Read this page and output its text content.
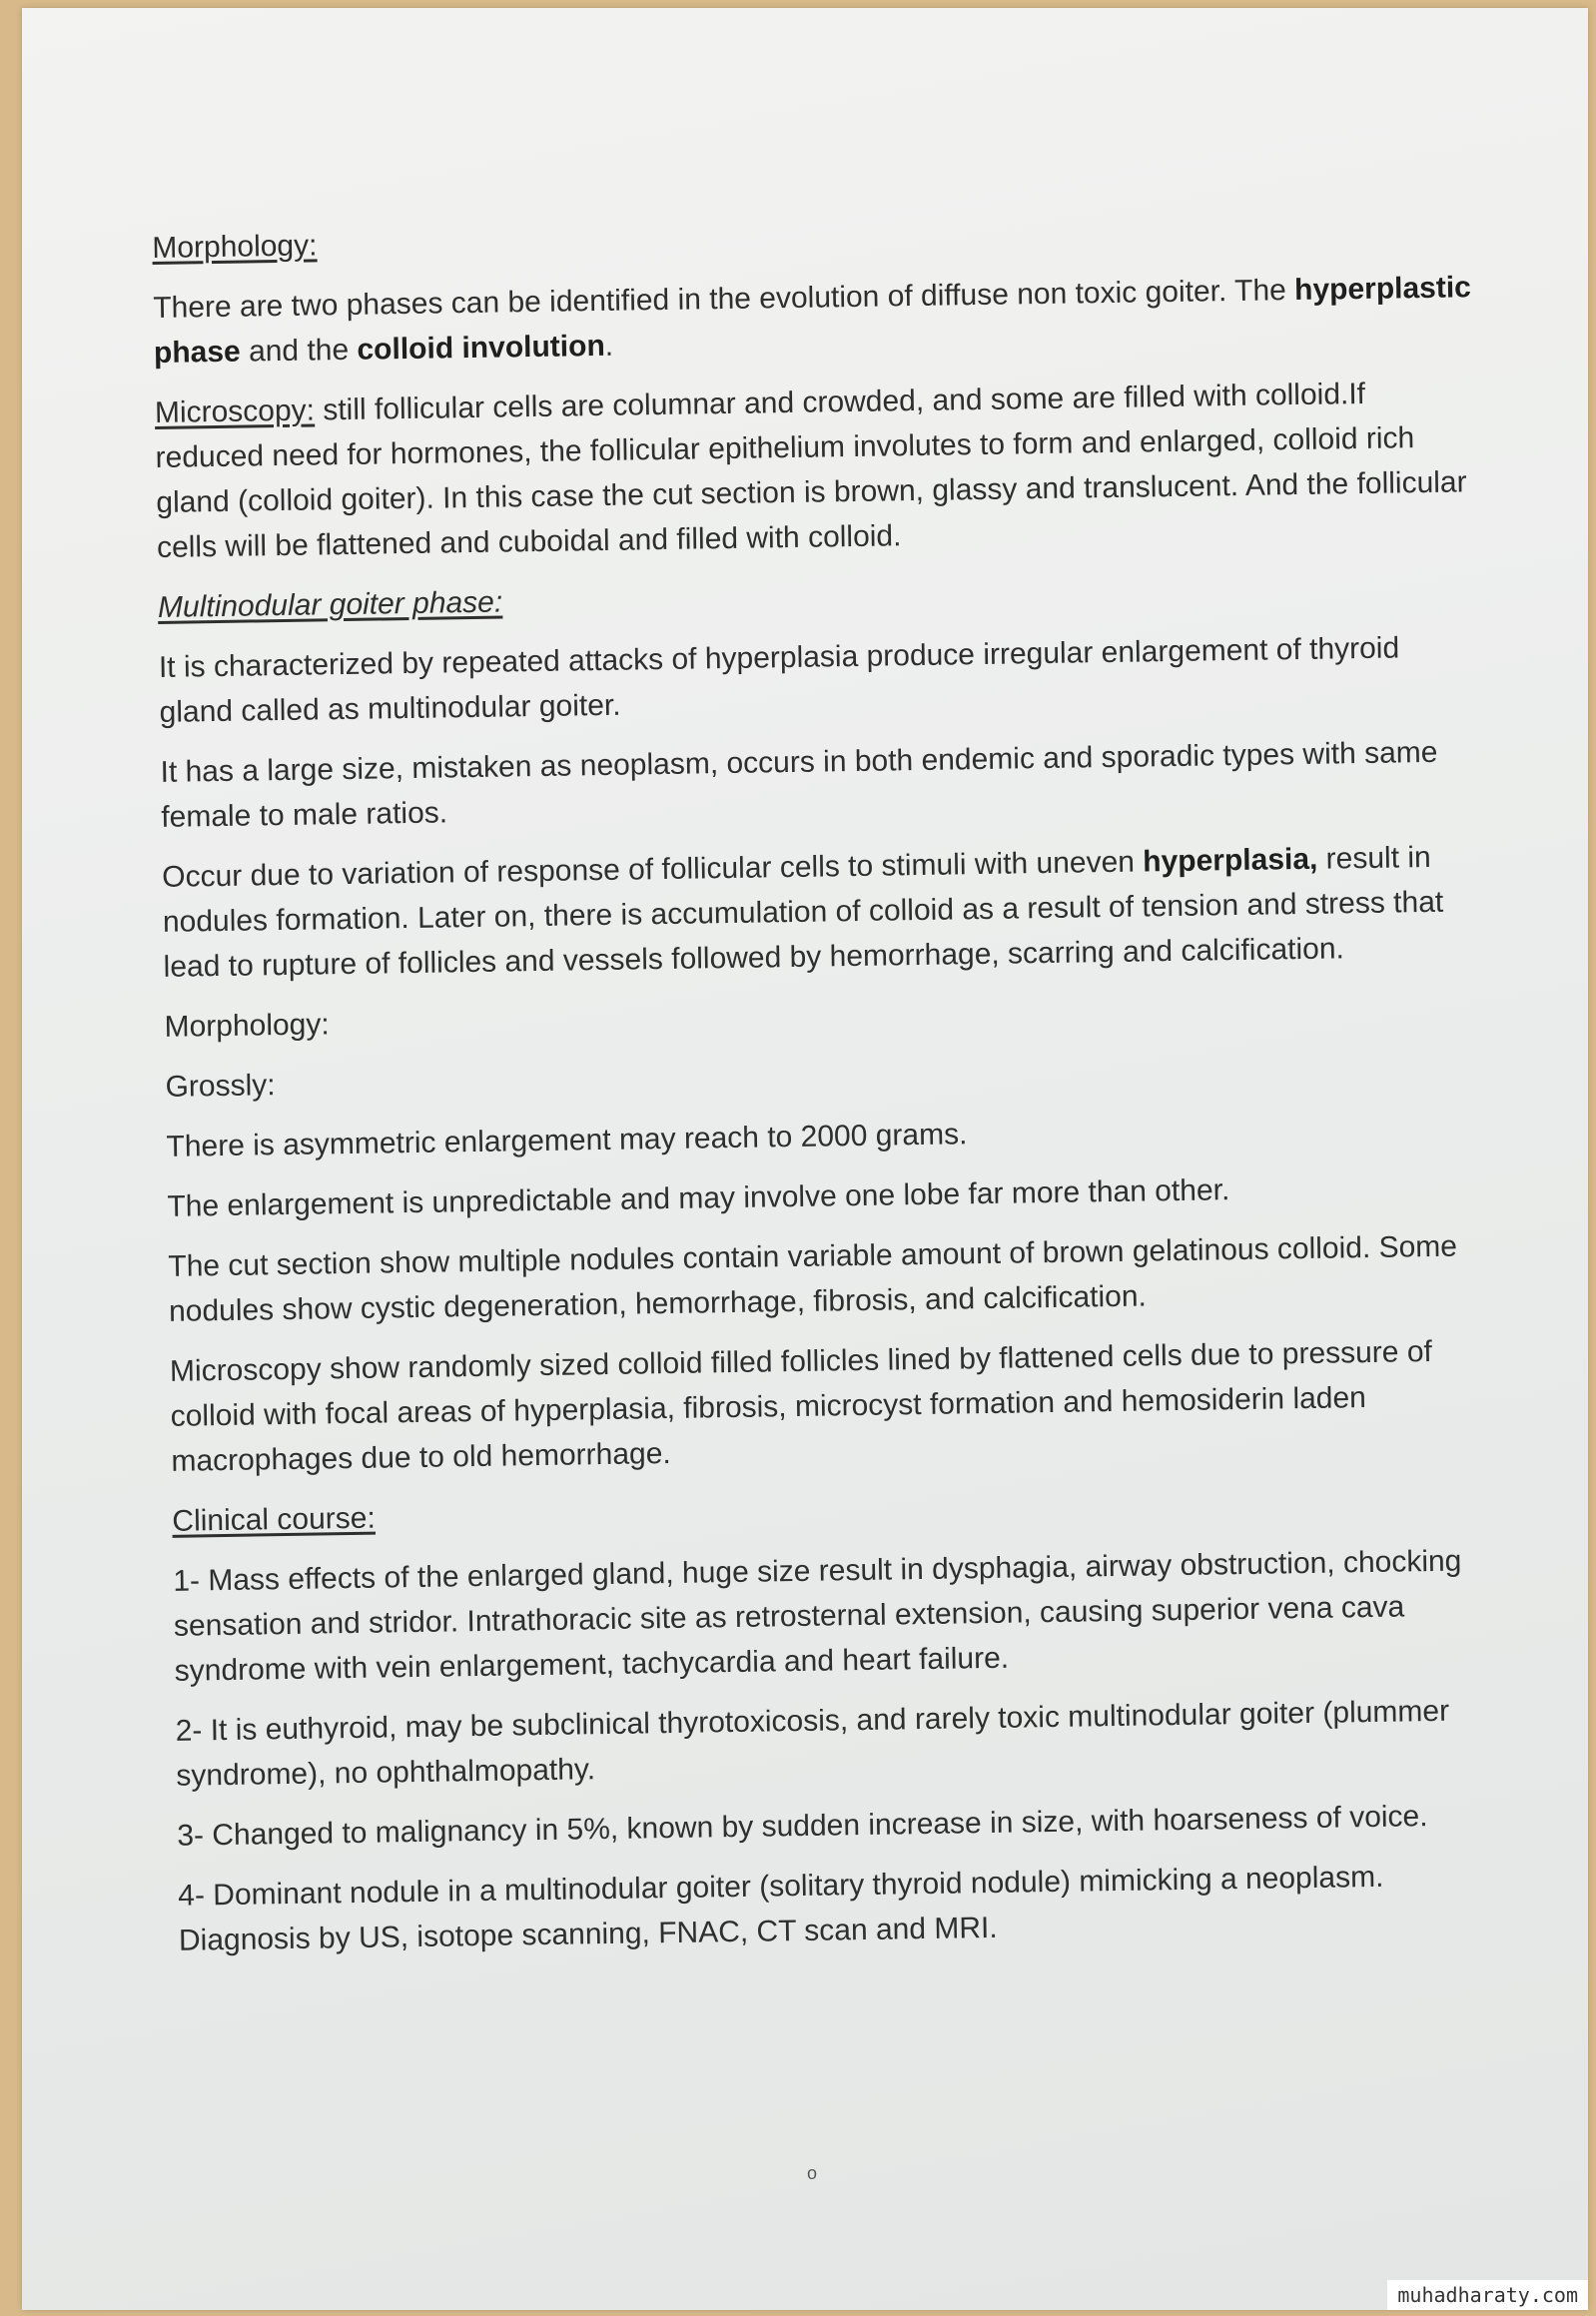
Morphology:

There are two phases can be identified in the evolution of diffuse non toxic goiter. The hyperplastic phase and the colloid involution.

Microscopy: still follicular cells are columnar and crowded, and some are filled with colloid.If reduced need for hormones, the follicular epithelium involutes to form and enlarged, colloid rich gland (colloid goiter). In this case the cut section is brown, glassy and translucent. And the follicular cells will be flattened and cuboidal and filled with colloid.

Multinodular goiter phase:

It is characterized by repeated attacks of hyperplasia produce irregular enlargement of thyroid gland called as multinodular goiter.

It has a large size, mistaken as neoplasm, occurs in both endemic and sporadic types with same female to male ratios.

Occur due to variation of response of follicular cells to stimuli with uneven hyperplasia, result in nodules formation. Later on, there is accumulation of colloid as a result of tension and stress that lead to rupture of follicles and vessels followed by hemorrhage, scarring and calcification.

Morphology:

Grossly:

There is asymmetric enlargement may reach to 2000 grams.

The enlargement is unpredictable and may involve one lobe far more than other.

The cut section show multiple nodules contain variable amount of brown gelatinous colloid. Some nodules show cystic degeneration, hemorrhage, fibrosis, and calcification.

Microscopy show randomly sized colloid filled follicles lined by flattened cells due to pressure of colloid with focal areas of hyperplasia, fibrosis, microcyst formation and hemosiderin laden macrophages due to old hemorrhage.

Clinical course:

1- Mass effects of the enlarged gland, huge size result in dysphagia, airway obstruction, chocking sensation and stridor. Intrathoracic site as retrosternal extension, causing superior vena cava syndrome with vein enlargement, tachycardia and heart failure.

2- It is euthyroid, may be subclinical thyrotoxicosis, and rarely toxic multinodular goiter (plummer syndrome), no ophthalmopathy.

3- Changed to malignancy in 5%, known by sudden increase in size, with hoarseness of voice.

4- Dominant nodule in a multinodular goiter (solitary thyroid nodule) mimicking a neoplasm. Diagnosis by US, isotope scanning, FNAC, CT scan and MRI.

o
muhadharaty.com
